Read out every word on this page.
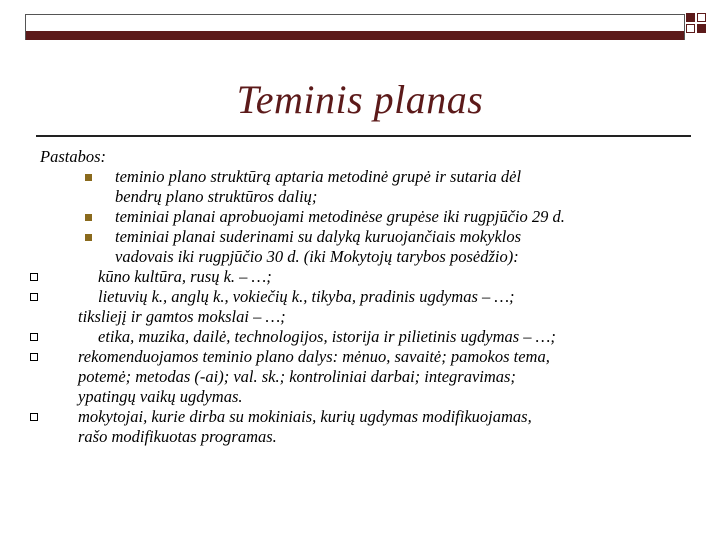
Teminis planas
Pastabos:
teminio plano struktūrą aptaria metodinė grupė ir sutaria dėl
bendrų plano struktūros dalių;
teminiai planai aprobuojami metodinėse grupėse iki rugpjūčio 29 d.
teminiai planai suderinami su dalyką kuruojančiais mokyklos
vadovais iki rugpjūčio 30 d. (iki Mokytojų tarybos posėdžio):
kūno kultūra, rusų k. – …;
lietuvių k., anglų k., vokiečių k., tikyba, pradinis ugdymas – …;
tiksliejį ir gamtos mokslai – …;
etika, muzika, dailė, technologijos, istorija ir pilietinis ugdymas – …;
rekomenduojamos teminio plano dalys: mėnuo, savaitė; pamokos tema,
potemė; metodas (-ai); val. sk.; kontroliniai darbai; integravimas;
ypatingų vaikų ugdymas.
mokytojai, kurie dirba su mokiniais, kurių ugdymas modifikuojamas,
rašo modifikuotas programas.
